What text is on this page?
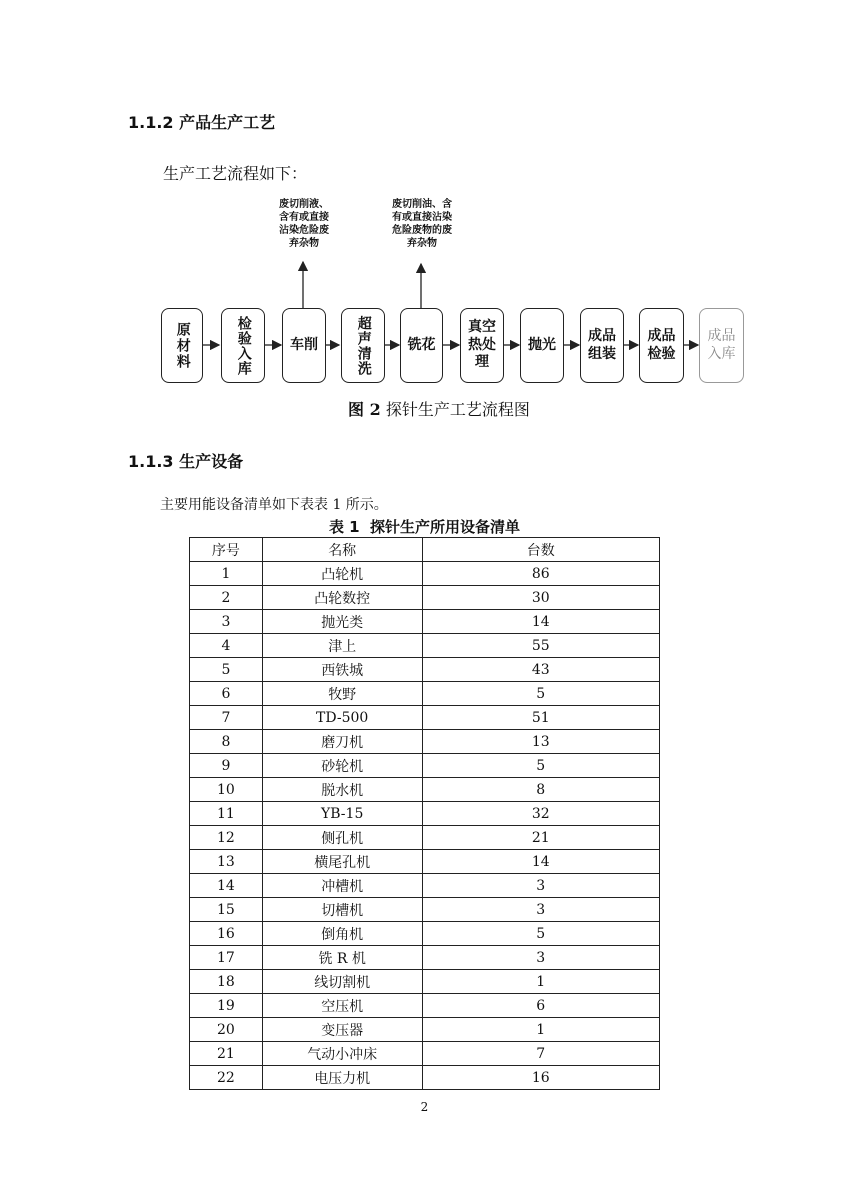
1.1.2 产品生产工艺
生产工艺流程如下：
原材料	检验入库	车削	超声清洗	铣花
真空热处理
抛光
成品组装
成品检验
成品入库
废切削液、
含有或直接
沾染危险废
弃杂物
废切削油、含
有或直接沾染
危险废物的废
弃杂物
图 2 探针生产工艺流程图
1.1.3 生产设备
主要用能设备清单如下表表 1 所示。
表 1  探针生产所用设备清单
序号	名称	台数
1	凸轮机	86
2	凸轮数控	30
3	抛光类	14
4	津上	55
5	西铁城	43
6	牧野	5
7	TD-500	51
8	磨刀机	13
9	砂轮机	5
10	脱水机	8
11	YB-15	32
12	侧孔机	21
13	横尾孔机	14
14	冲槽机	3
15	切槽机	3
16	倒角机	5
17	铣 R 机	3
18	线切割机	1
19	空压机	6
20	变压器	1
21	气动小冲床	7
22	电压力机	16
2
